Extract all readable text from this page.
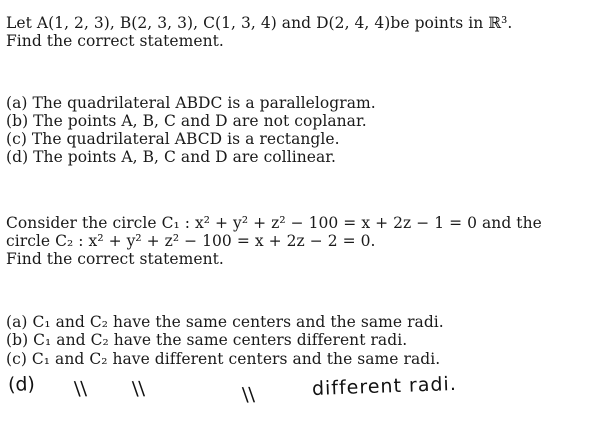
Let A(1, 2, 3), B(2, 3, 3), C(1, 3, 4) and D(2, 4, 4)be points in ℝ³.
Find the correct statement.
(a) The quadrilateral ABDC is a parallelogram.
(b) The points A, B, C and D are not coplanar.
(c) The quadrilateral ABCD is a rectangle.
(d) The points A, B, C and D are collinear.
Consider the circle C₁ : x² + y² + z² − 100 = x + 2z − 1 = 0 and the
circle C₂ : x² + y² + z² − 100 = x + 2z − 2 = 0.
Find the correct statement.
(a) C₁ and C₂ have the same centers and the same radi.
(b) C₁ and C₂ have the same centers different radi.
(c) C₁ and C₂ have different centers and the same radi.
(d) \\ \\	\\	different radi.
